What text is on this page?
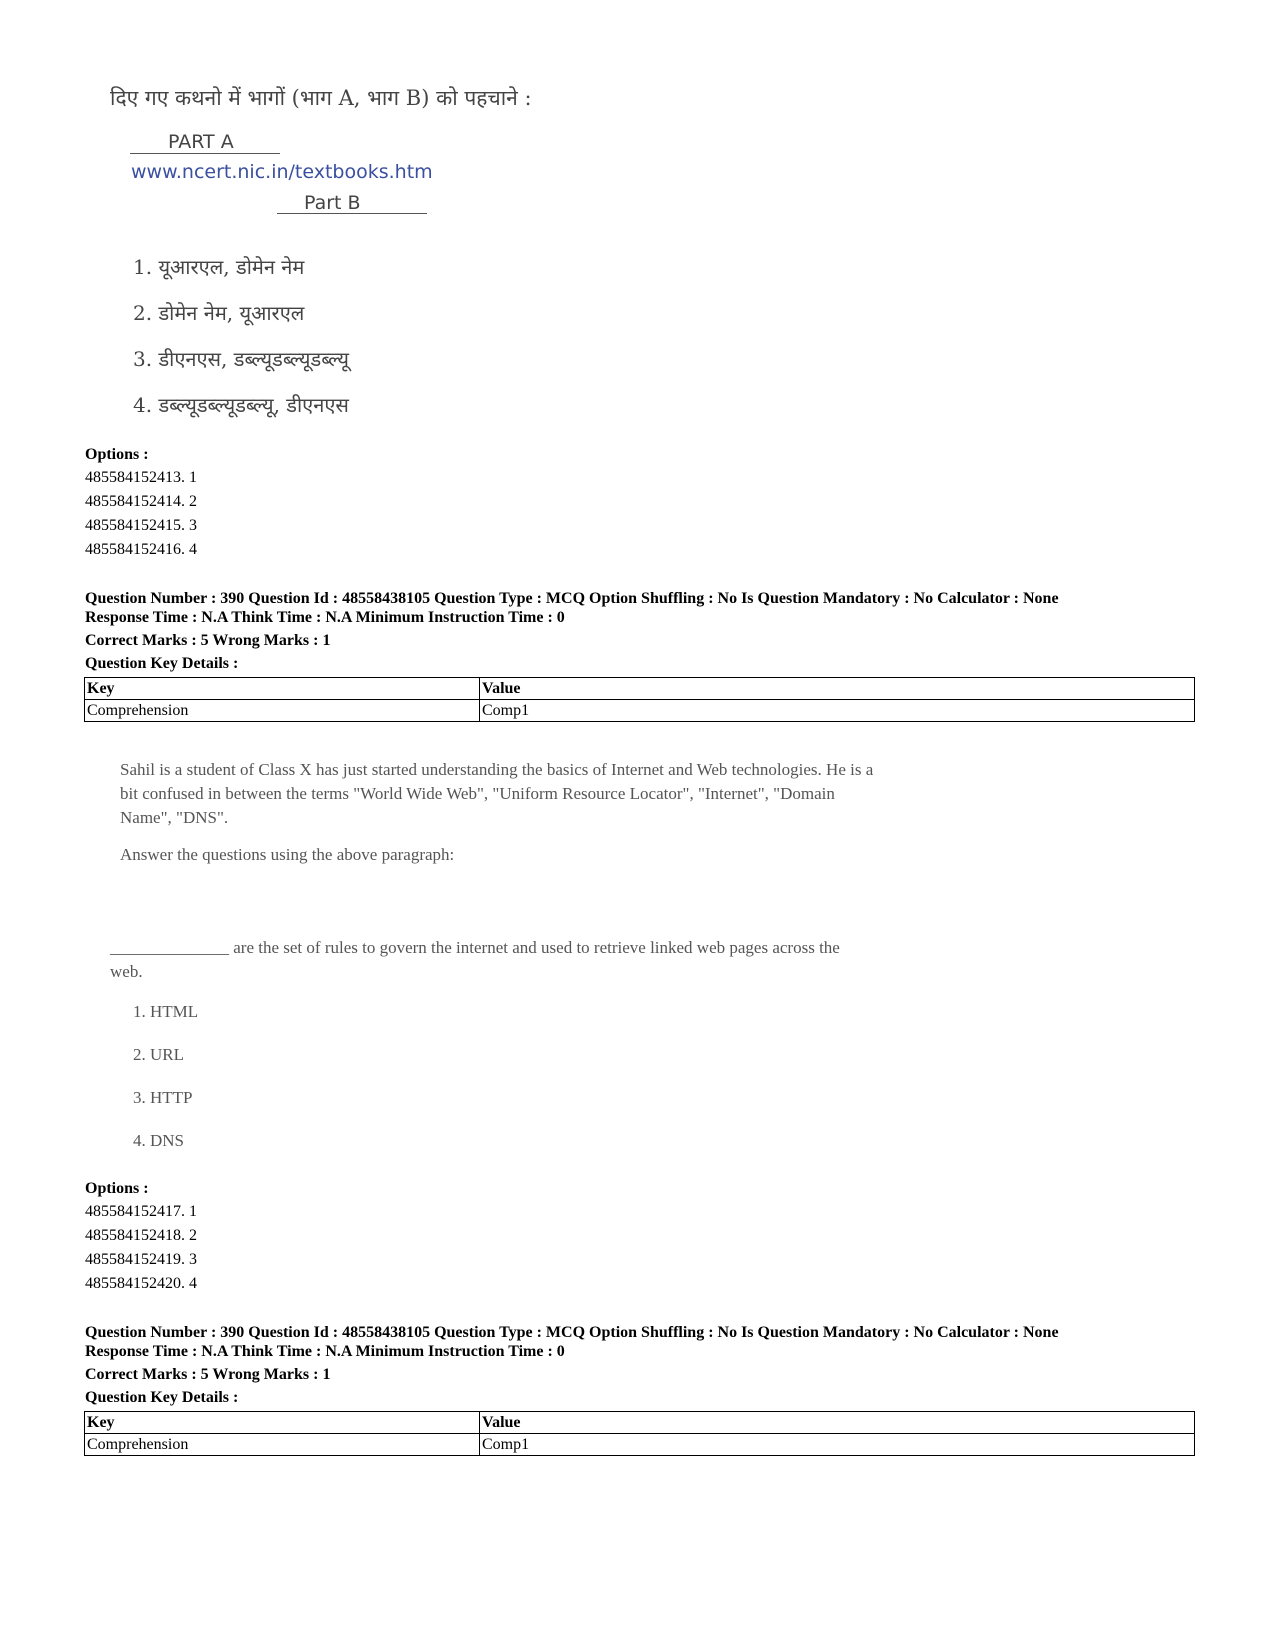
दिए गए कथनो में भागों (भाग A, भाग B) को पहचाने :
PART A
www.ncert.nic.in/textbooks.htm
Part B
1. यूआरएल, डोमेन नेम
2. डोमेन नेम, यूआरएल
3. डीएनएस, डब्ल्यूडब्ल्यूडब्ल्यू
4. डब्ल्यूडब्ल्यूडब्ल्यू, डीएनएस
Options :
485584152413. 1
485584152414. 2
485584152415. 3
485584152416. 4
Question Number : 390 Question Id : 48558438105 Question Type : MCQ Option Shuffling : No Is Question Mandatory : No Calculator : None
Response Time : N.A Think Time : N.A Minimum Instruction Time : 0
Correct Marks : 5 Wrong Marks : 1
Question Key Details :
Key	Value
Comprehension	Comp1
Sahil is a student of Class X has just started understanding the basics of Internet and Web technologies. He is a
bit confused in between the terms "World Wide Web", "Uniform Resource Locator", "Internet", "Domain
Name", "DNS".
Answer the questions using the above paragraph:
______________ are the set of rules to govern the internet and used to retrieve linked web pages across the
web.
1. HTML
2. URL
3. HTTP
4. DNS
Options :
485584152417. 1
485584152418. 2
485584152419. 3
485584152420. 4
Question Number : 390 Question Id : 48558438105 Question Type : MCQ Option Shuffling : No Is Question Mandatory : No Calculator : None
Response Time : N.A Think Time : N.A Minimum Instruction Time : 0
Correct Marks : 5 Wrong Marks : 1
Question Key Details :
Key	Value
Comprehension	Comp1
